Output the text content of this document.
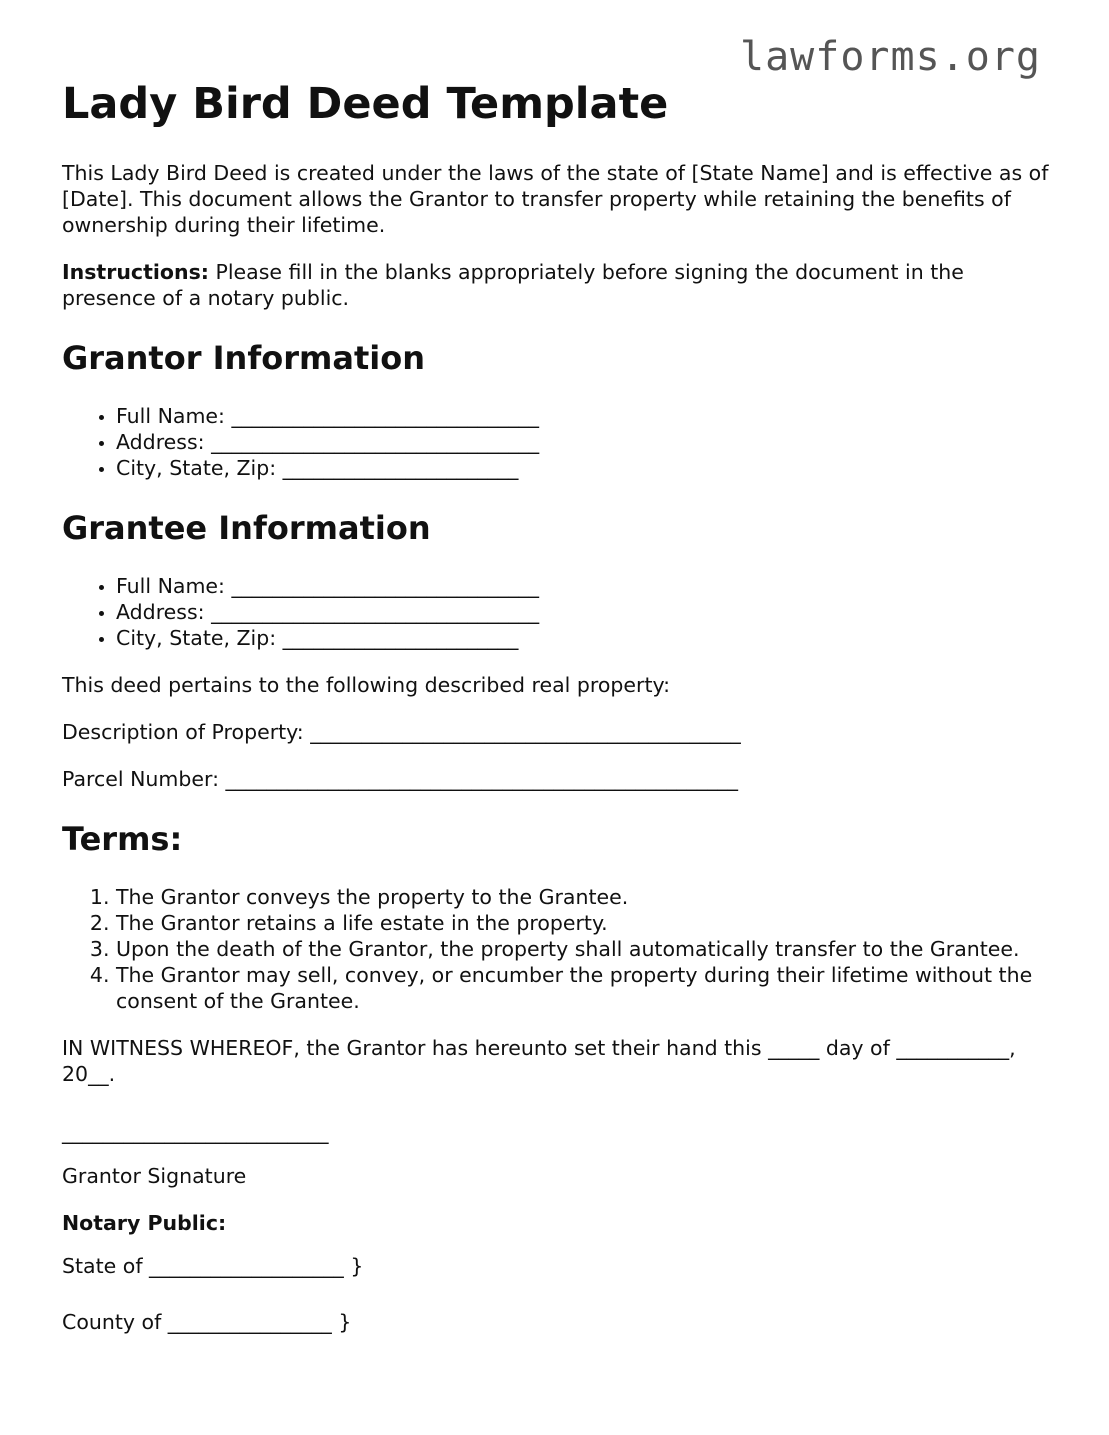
lawforms.org
Lady Bird Deed Template

This Lady Bird Deed is created under the laws of the state of [State Name] and is effective as of [Date]. This document allows the Grantor to transfer property while retaining the benefits of ownership during their lifetime.

Instructions: Please fill in the blanks appropriately before signing the document in the presence of a notary public.

Grantor Information
• Full Name: ______________________________
• Address: ________________________________
• City, State, Zip: _______________________
Grantee Information
• Full Name: ______________________________
• Address: ________________________________
• City, State, Zip: _______________________

This deed pertains to the following described real property:

Description of Property: __________________________________________

Parcel Number: __________________________________________________

Terms:
1. The Grantor conveys the property to the Grantee.
2. The Grantor retains a life estate in the property.
3. Upon the death of the Grantor, the property shall automatically transfer to the Grantee.
4. The Grantor may sell, convey, or encumber the property during their lifetime without the consent of the Grantee.

IN WITNESS WHEREOF, the Grantor has hereunto set their hand this _____ day of ___________, 20__.

__________________________

Grantor Signature

Notary Public:

State of ___________________ }

County of ________________ }
